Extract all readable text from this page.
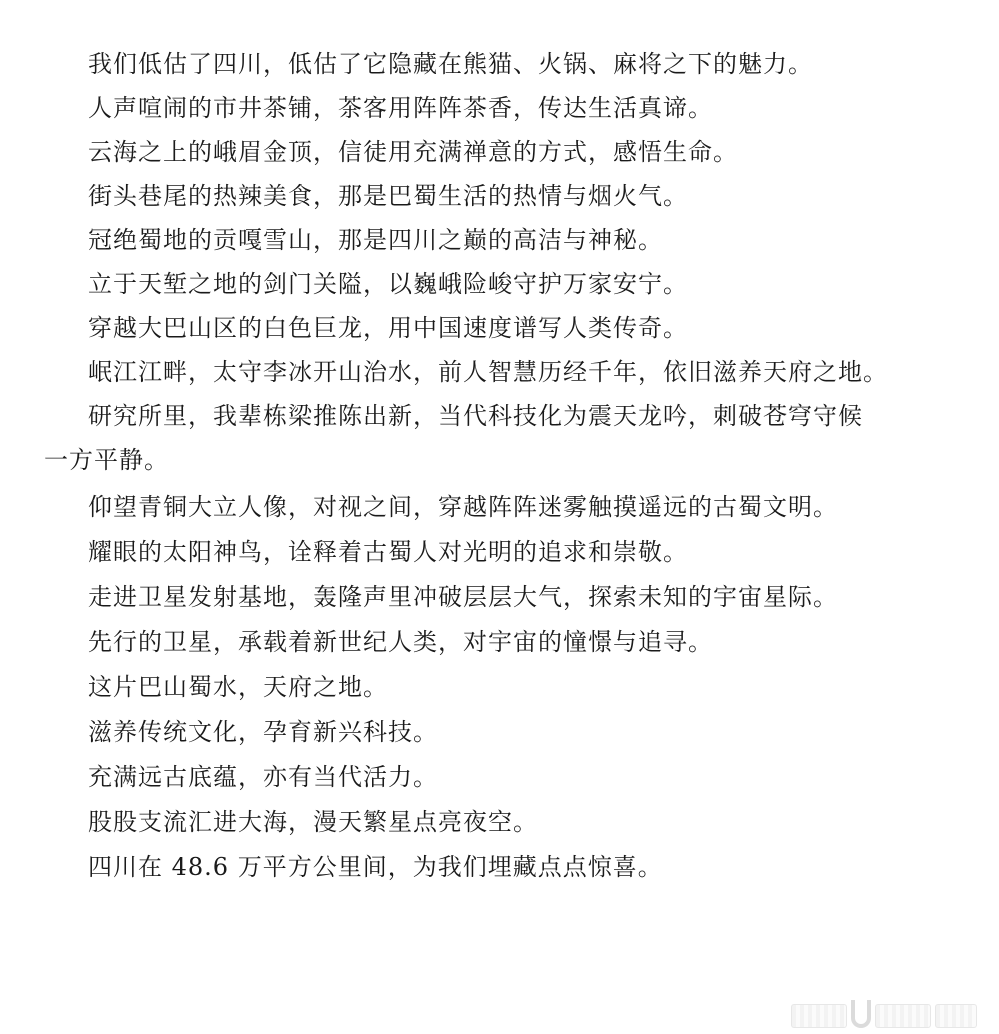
我们低估了四川，低估了它隐藏在熊猫、火锅、麻将之下的魅力。

人声喧闹的市井茶铺，茶客用阵阵茶香，传达生活真谛。

云海之上的峨眉金顶，信徒用充满禅意的方式，感悟生命。

街头巷尾的热辣美食，那是巴蜀生活的热情与烟火气。

冠绝蜀地的贡嘎雪山，那是四川之巅的高洁与神秘。

立于天堑之地的剑门关隘，以巍峨险峻守护万家安宁。

穿越大巴山区的白色巨龙，用中国速度谱写人类传奇。

岷江江畔，太守李冰开山治水，前人智慧历经千年，依旧滋养天府之地。

研究所里，我辈栋梁推陈出新，当代科技化为震天龙吟，刺破苍穹守候

一方平静。

仰望青铜大立人像，对视之间，穿越阵阵迷雾触摸遥远的古蜀文明。

耀眼的太阳神鸟，诠释着古蜀人对光明的追求和崇敬。

走进卫星发射基地，轰隆声里冲破层层大气，探索未知的宇宙星际。

先行的卫星，承载着新世纪人类，对宇宙的憧憬与追寻。

这片巴山蜀水，天府之地。

滋养传统文化，孕育新兴科技。

充满远古底蕴，亦有当代活力。

股股支流汇进大海，漫天繁星点亮夜空。

四川在 48.6 万平方公里间，为我们埋藏点点惊喜。
